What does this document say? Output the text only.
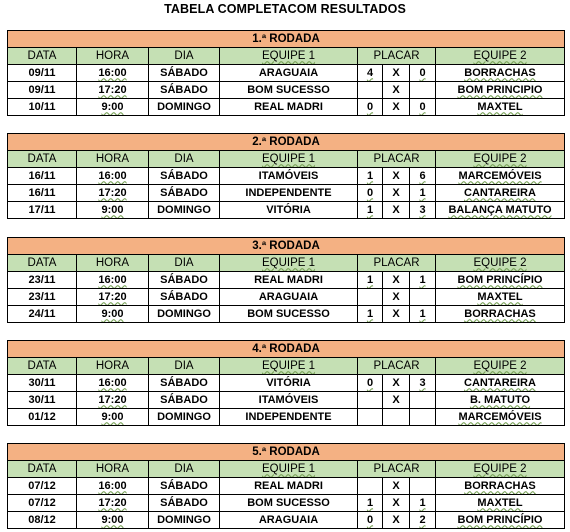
TABELA COMPLETACOM RESULTADOS
1.ª RODADA							
DATA	HORA	DIA	EQUIPE 1	PLACAR			EQUIPE 2
09/11	16:00	SÁBADO	ARAGUAIA	4	X	0	BORRACHAS
09/11	17:20	SÁBADO	BOM SUCESSO		X		BOM PRINCIPIO
10/11	9:00	DOMINGO	REAL MADRI	0	X	0	MAXTEL
2.ª RODADA							
DATA	HORA	DIA	EQUIPE 1	PLACAR			EQUIPE 2
16/11	16:00	SÁBADO	ITAMÓVEIS	1	X	6	MARCEMÓVEIS
16/11	17:20	SÁBADO	INDEPENDENTE	0	X	1	CANTAREIRA
17/11	9:00	DOMINGO	VITÓRIA	1	X	3	BALANÇA MATUTO
3.ª RODADA							
DATA	HORA	DIA	EQUIPE 1	PLACAR			EQUIPE 2
23/11	16:00	SÁBADO	REAL MADRI	1	X	1	BOM PRINCÍPIO
23/11	17:20	SÁBADO	ARAGUAIA		X		MAXTEL
24/11	9:00	DOMINGO	BOM SUCESSO	1	X	1	BORRACHAS
4.ª RODADA							
DATA	HORA	DIA	EQUIPE 1	PLACAR			EQUIPE 2
30/11	16:00	SÁBADO	VITÓRIA	0	X	3	CANTAREIRA
30/11	17:20	SÁBADO	ITAMÓVEIS		X		B. MATUTO
01/12	9:00	DOMINGO	INDEPENDENTE				MARCEMÓVEIS
5.ª RODADA							
DATA	HORA	DIA	EQUIPE 1	PLACAR			EQUIPE 2
07/12	16:00	SÁBADO	REAL MADRI		X		BORRACHAS
07/12	17:20	SÁBADO	BOM SUCESSO	1	X	1	MAXTEL
08/12	9:00	DOMINGO	ARAGUAIA	0	X	2	BOM PRINCÍPIO
